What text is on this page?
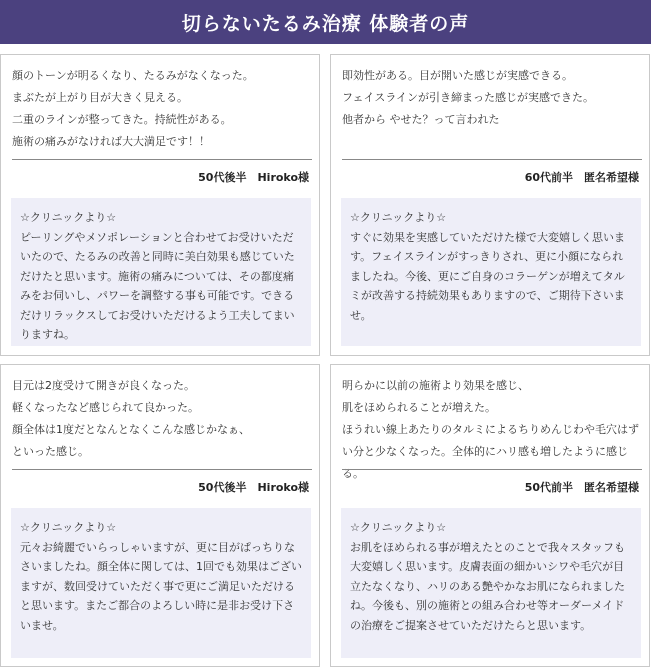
切らないたるみ治療 体験者の声
顔のトーンが明るくなり、たるみがなくなった。
まぶたが上がり目が大きく見える。
二重のラインが整ってきた。持続性がある。
施術の痛みがなければ大大満足です！！
50代後半　Hiroko様
☆クリニックより☆
ピーリングやメソポレーションと合わせてお受けいただいたので、たるみの改善と同時に美白効果も感じていただけたと思います。施術の痛みについては、その都度痛みをお伺いし、パワーを調整する事も可能です。できるだけリラックスしてお受けいただけるよう工夫してまいりますね。
即効性がある。目が開いた感じが実感できる。
フェイスラインが引き締まった感じが実感できた。
他者から やせた？って言われた
60代前半　匿名希望様
☆クリニックより☆
すぐに効果を実感していただけた様で大変嬉しく思います。フェイスラインがすっきりされ、更に小顔になられましたね。今後、更にご自身のコラーゲンが増えてタルミが改善する持続効果もありますので、ご期待下さいませ。
目元は2度受けて開きが良くなった。
軽くなったなど感じられて良かった。
顔全体は1度だとなんとなくこんな感じかなぁ、
といった感じ。
50代後半　Hiroko様
☆クリニックより☆
元々お綺麗でいらっしゃいますが、更に目がぱっちりなさいましたね。顔全体に関しては、1回でも効果はございますが、数回受けていただく事で更にご満足いただけると思います。またご都合のよろしい時に是非お受け下さいませ。
明らかに以前の施術より効果を感じ、
肌をほめられることが増えた。
ほうれい線上あたりのタルミによるちりめんじわや毛穴はずい分と少なくなった。全体的にハリ感も増したように感じる。
50代前半　匿名希望様
☆クリニックより☆
お肌をほめられる事が増えたとのことで我々スタッフも大変嬉しく思います。皮膚表面の細かいシワや毛穴が目立たなくなり、ハリのある艶やかなお肌になられましたね。今後も、別の施術との組み合わせ等オーダーメイドの治療をご提案させていただけたらと思います。
